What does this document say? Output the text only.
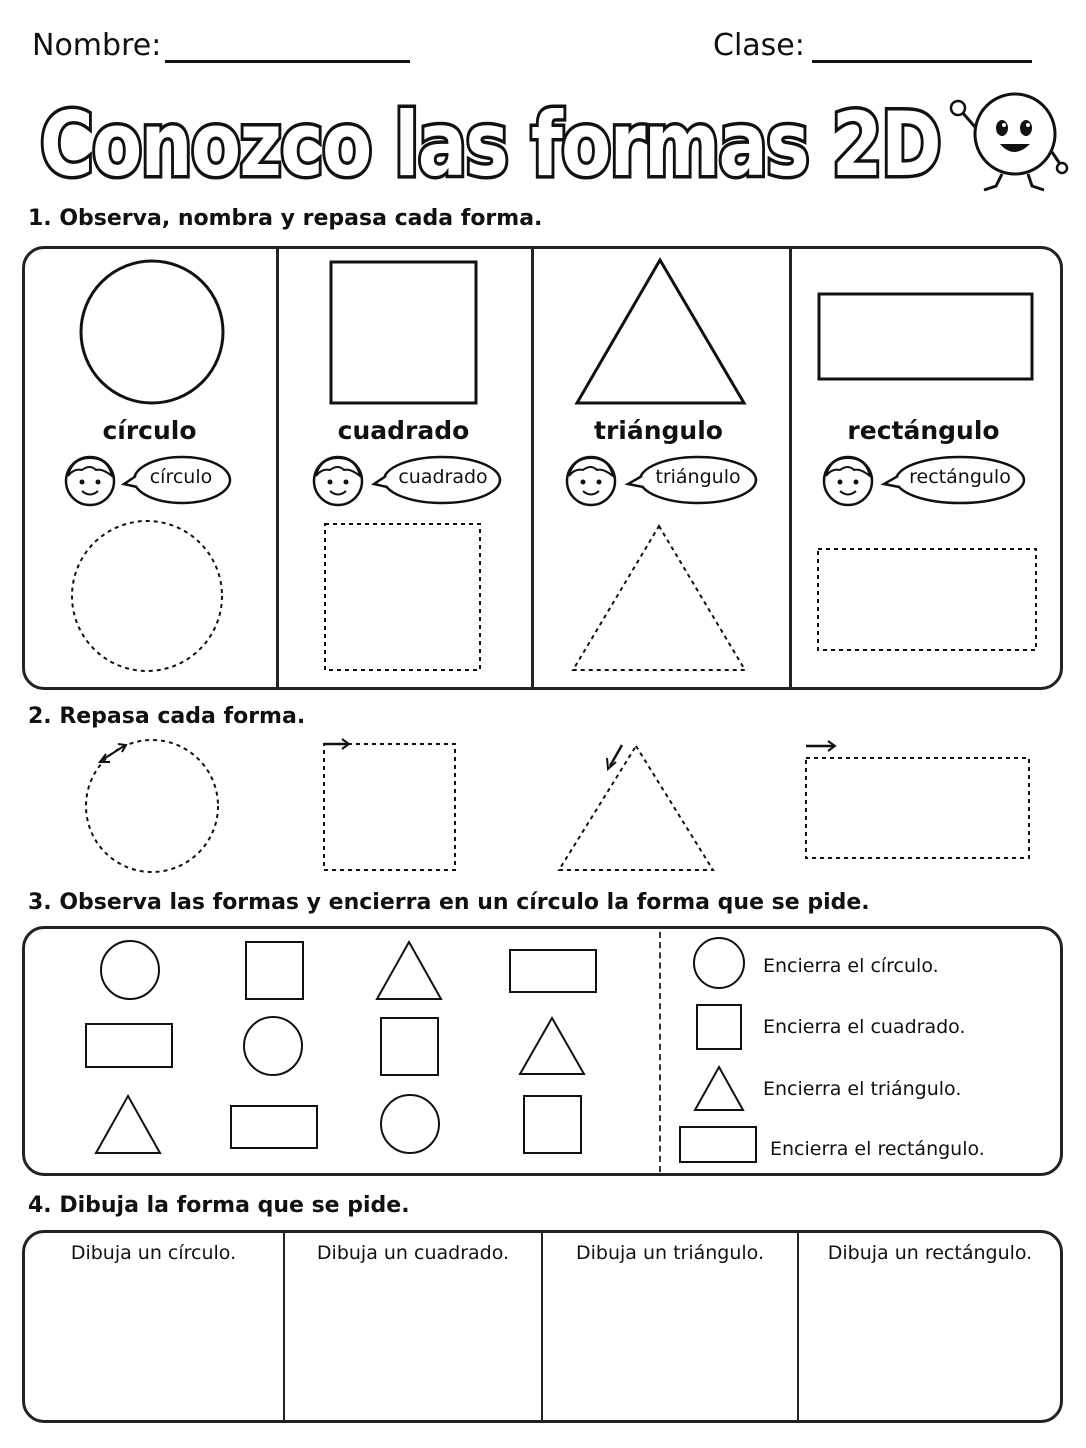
Nombre:	Clase:
Conozco las formas 2D
1. Observa, nombra y repasa cada forma.
círculo	cuadrado	triángulo	rectángulo
círculo	cuadrado	triángulo	rectángulo
2. Repasa cada forma.
3. Observa las formas y encierra en un círculo la forma que se pide.
Encierra el círculo.
Encierra el cuadrado.
Encierra el triángulo.
Encierra el rectángulo.
4. Dibuja la forma que se pide.
Dibuja un círculo.	Dibuja un cuadrado.	Dibuja un triángulo.	Dibuja un rectángulo.
